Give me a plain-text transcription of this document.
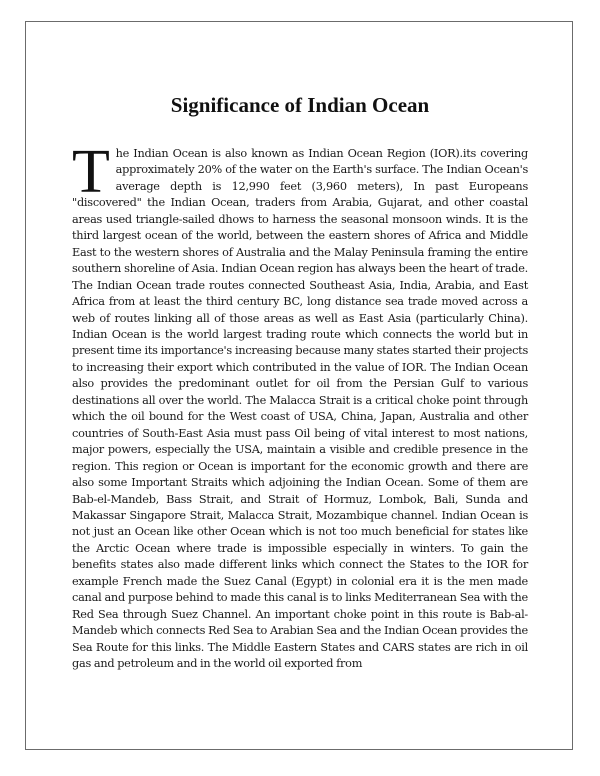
Significance of Indian Ocean

The Indian Ocean is also known as Indian Ocean Region (IOR).its covering approximately 20% of the water on the Earth's surface. The Indian Ocean's average depth is 12,990 feet (3,960 meters), In past Europeans "discovered" the Indian Ocean, traders from Arabia, Gujarat, and other coastal areas used triangle-sailed dhows to harness the seasonal monsoon winds. It is the third largest ocean of the world, between the eastern shores of Africa and Middle East to the western shores of Australia and the Malay Peninsula framing the entire southern shoreline of Asia. Indian Ocean region has always been the heart of trade. The Indian Ocean trade routes connected Southeast Asia, India, Arabia, and East Africa from at least the third century BC, long distance sea trade moved across a web of routes linking all of those areas as well as East Asia (particularly China). Indian Ocean is the world largest trading route which connects the world but in present time its importance's increasing because many states started their projects to increasing their export which contributed in the value of IOR. The Indian Ocean also provides the predominant outlet for oil from the Persian Gulf to various destinations all over the world. The Malacca Strait is a critical choke point through which the oil bound for the West coast of USA, China, Japan, Australia and other countries of South-East Asia must pass Oil being of vital interest to most nations, major powers, especially the USA, maintain a visible and credible presence in the region. This region or Ocean is important for the economic growth and there are also some Important Straits which adjoining the Indian Ocean. Some of them are Bab-el-Mandeb, Bass Strait, and Strait of Hormuz, Lombok, Bali, Sunda and Makassar Singapore Strait, Malacca Strait, Mozambique channel. Indian Ocean is not just an Ocean like other Ocean which is not too much beneficial for states like the Arctic Ocean where trade is impossible especially in winters. To gain the benefits states also made different links which connect the States to the IOR for example French made the Suez Canal (Egypt) in colonial era it is the men made canal and purpose behind to made this canal is to links Mediterranean Sea with the Red Sea through Suez Channel. An important choke point in this route is Bab-al-Mandeb which connects Red Sea to Arabian Sea and the Indian Ocean provides the Sea Route for this links. The Middle Eastern States and CARS states are rich in oil gas and petroleum and in the world oil exported from
